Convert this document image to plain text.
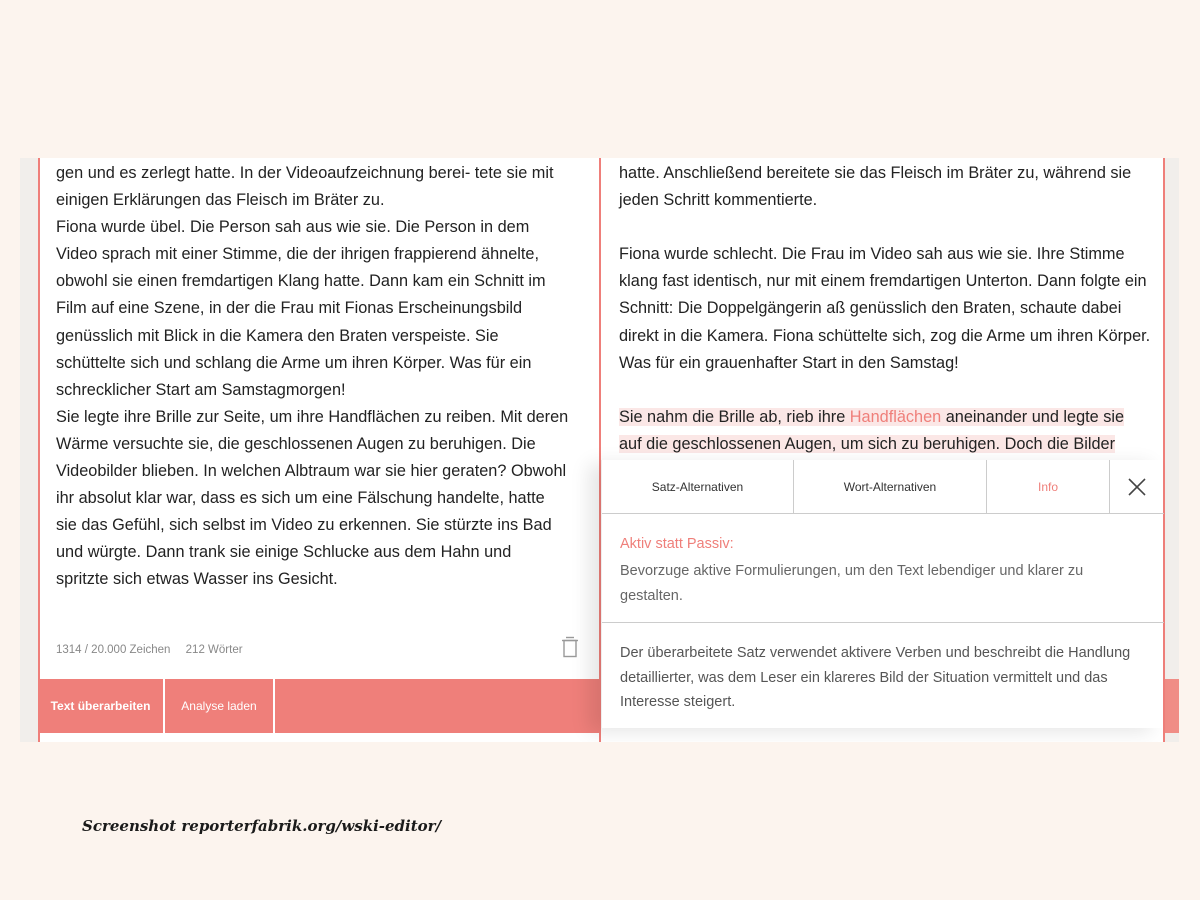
gen und es zerlegt hatte. In der Videoaufzeichnung berei- tete sie mit
einigen Erklärungen das Fleisch im Bräter zu.

Fiona wurde übel. Die Person sah aus wie sie. Die Person in dem
Video sprach mit einer Stimme, die der ihrigen frappierend ähnelte,
obwohl sie einen fremdartigen Klang hatte. Dann kam ein Schnitt im
Film auf eine Szene, in der die Frau mit Fionas Erscheinungsbild
genüsslich mit Blick in die Kamera den Braten verspeiste. Sie
schüttelte sich und schlang die Arme um ihren Körper. Was für ein
schrecklicher Start am Samstagmorgen!

Sie legte ihre Brille zur Seite, um ihre Handflächen zu reiben. Mit deren
Wärme versuchte sie, die geschlossenen Augen zu beruhigen. Die
Videobilder blieben. In welchen Albtraum war sie hier geraten? Obwohl
ihr absolut klar war, dass es sich um eine Fälschung handelte, hatte
sie das Gefühl, sich selbst im Video zu erkennen. Sie stürzte ins Bad
und würgte. Dann trank sie einige Schlucke aus dem Hahn und
spritzte sich etwas Wasser ins Gesicht.

1314 / 20.000 Zeichen 212 Wörter
Text überarbeiten	Analyse laden

hatte. Anschließend bereitete sie das Fleisch im Bräter zu, während sie jeden Schritt kommentierte.

Fiona wurde schlecht. Die Frau im Video sah aus wie sie. Ihre Stimme klang fast identisch, nur mit einem fremdartigen Unterton. Dann folgte ein Schnitt: Die Doppelgängerin aß genüsslich den Braten, schaute dabei direkt in die Kamera. Fiona schüttelte sich, zog die Arme um ihren Körper. Was für ein grauenhafter Start in den Samstag!

Sie nahm die Brille ab, rieb ihre Handflächen aneinander und legte sie auf die geschlossenen Augen, um sich zu beruhigen. Doch die Bilder

Satz-Alternativen	Wort-Alternativen	Info
Aktiv statt Passiv:
Bevorzuge aktive Formulierungen, um den Text lebendiger und klarer zu gestalten.
Der überarbeitete Satz verwendet aktivere Verben und beschreibt die Handlung detaillierter, was dem Leser ein klareres Bild der Situation vermittelt und das Interesse steigert.
Screenshot reporterfabrik.org/wski-editor/
